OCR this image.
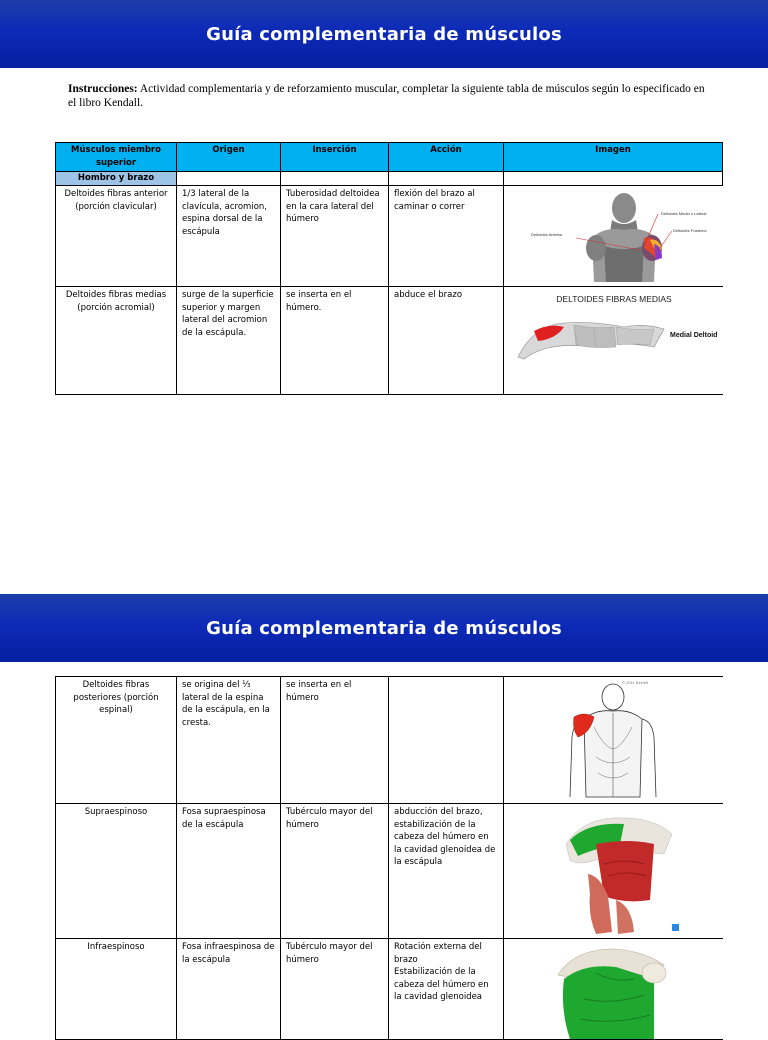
Guía complementaria de músculos
Instrucciones: Actividad complementaria y de reforzamiento muscular, completar la siguiente tabla de músculos según lo especificado en el libro Kendall.
Músculos miembro superior	Origen	Inserción	Acción	Imagen
Hombro y brazo				
Deltoides fibras anterior (porción clavicular)	1/3 lateral de la clavícula, acromion, espina dorsal de la escápula	Tuberosidad deltoidea en la cara lateral del húmero	flexión del brazo al caminar o correr	Deltoides Medio o Lateral
Deltoides Posterior
Deltoides Anterior

Deltoides fibras medias (porción acromial)	surge de la superficie superior y margen lateral del acromion de la escápula.	se inserta en el húmero.	abduce el brazo	DELTOIDES FIBRAS MEDIAS
Medial Deltoid
Guía complementaria de músculos
Deltoides fibras posteriores (porción espinal)	se origina del ⅓ lateral de la espina de la escápula, en la cresta.	se inserta en el húmero		© 2011 Kinhelt

Supraespinoso	Fosa supraespinosa de la escápula	Tubérculo mayor del húmero	abducción del brazo, estabilización de la cabeza del húmero en la cavidad glenoidea de la escápula	

Infraespinoso	Fosa infraespinosa de la escápula	Tubérculo mayor del húmero	Rotación externa del brazo
Estabilización de la cabeza del húmero en la cavidad glenoidea	
